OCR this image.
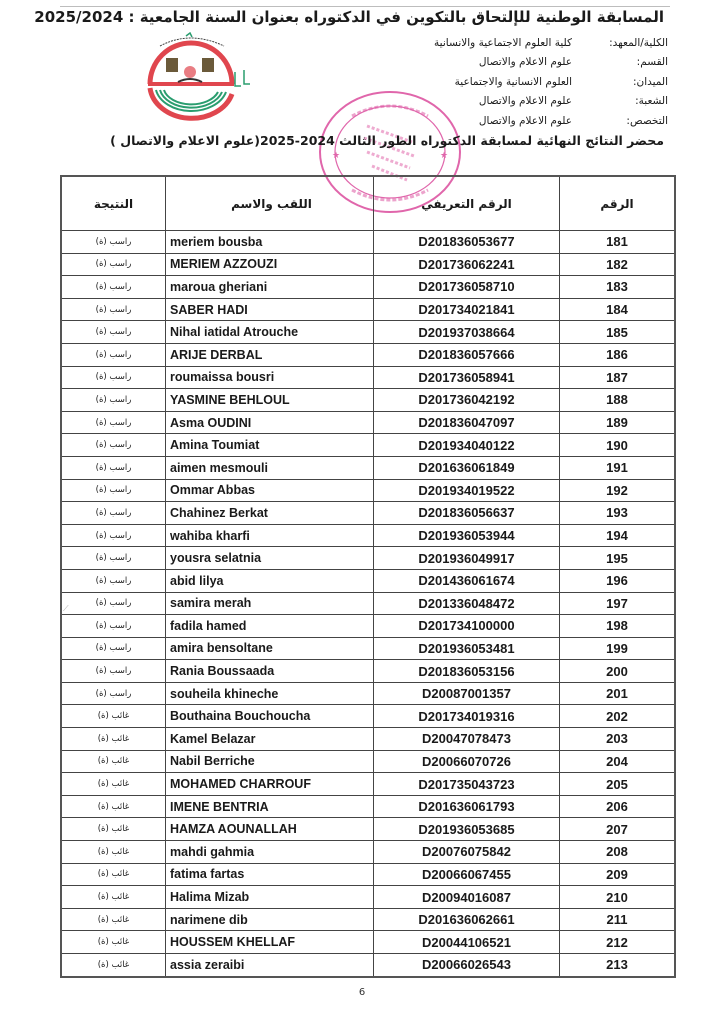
المسابقة الوطنية للإلتحاق بالتكوين في الدكتوراه بعنوان السنة الجامعية : 2025/2024
الكلية/المعهد:
كلية العلوم الاجتماعية والانسانية
القسم:
علوم الاعلام والاتصال
الميدان:
العلوم الانسانية والاجتماعية
الشعبة:
علوم الاعلام والاتصال
التخصص:
علوم الاعلام والاتصال
★	★
محضر النتائج النهائية لمسابقة الدكتوراه الطور الثالث 2024-2025(علوم الاعلام والاتصال )
الرقم	الرقم التعريفي	اللقب والاسم	النتيجة
181	D201836053677	meriem bousba	راسب (ة)
182	D201736062241	MERIEM AZZOUZI	راسب (ة)
183	D201736058710	maroua gheriani	راسب (ة)
184	D201734021841	SABER HADI	راسب (ة)
185	D201937038664	Nihal iatidal Atrouche	راسب (ة)
186	D201836057666	ARIJE DERBAL	راسب (ة)
187	D201736058941	roumaissa bousri	راسب (ة)
188	D201736042192	YASMINE BEHLOUL	راسب (ة)
189	D201836047097	Asma OUDINI	راسب (ة)
190	D201934040122	Amina Toumiat	راسب (ة)
191	D201636061849	aimen mesmouli	راسب (ة)
192	D201934019522	Ommar Abbas	راسب (ة)
193	D201836056637	Chahinez Berkat	راسب (ة)
194	D201936053944	wahiba kharfi	راسب (ة)
195	D201936049917	yousra selatnia	راسب (ة)
196	D201436061674	abid lilya	راسب (ة)
197	D201336048472	samira merah	راسب (ة)
198	D201734100000	fadila hamed	راسب (ة)
199	D201936053481	amira bensoltane	راسب (ة)
200	D201836053156	Rania Boussaada	راسب (ة)
201	D20087001357	souheila khineche	راسب (ة)
202	D201734019316	Bouthaina Bouchoucha	غائب (ة)
203	D20047078473	Kamel Belazar	غائب (ة)
204	D20066070726	Nabil Berriche	غائب (ة)
205	D201735043723	MOHAMED CHARROUF	غائب (ة)
206	D201636061793	IMENE BENTRIA	غائب (ة)
207	D201936053685	HAMZA AOUNALLAH	غائب (ة)
208	D20076075842	mahdi gahmia	غائب (ة)
209	D20066067455	fatima fartas	غائب (ة)
210	D20094016087	Halima Mizab	غائب (ة)
211	D201636062661	narimene dib	غائب (ة)
212	D20044106521	HOUSSEM KHELLAF	غائب (ة)
213	D20066026543	assia zeraibi	غائب (ة)
⟋
6
